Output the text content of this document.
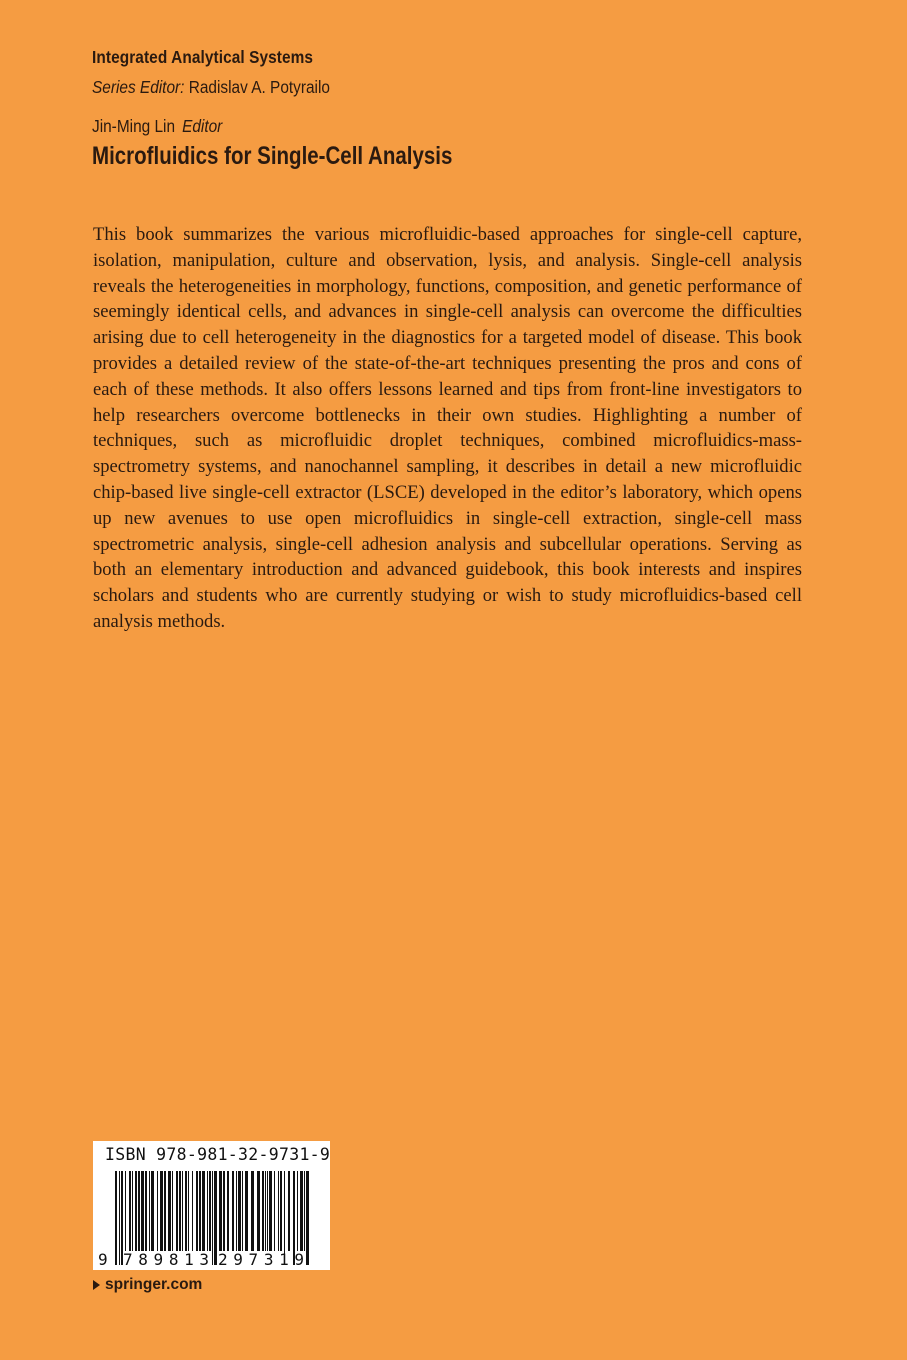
Integrated Analytical Systems
Series Editor: Radislav A. Potyrailo
Jin-Ming Lin Editor
Microfluidics for Single-Cell Analysis

This book summarizes the various microfluidic-based approaches for single-cell capture, isolation, manipulation, culture and observation, lysis, and analysis. Single-cell analysis reveals the heterogeneities in morphology, functions, composition, and genetic performance of seemingly identical cells, and advances in single-cell analysis can overcome the difficulties arising due to cell heterogeneity in the diagnostics for a targeted model of disease. This book provides a detailed review of the state-of-the-art techniques presenting the pros and cons of each of these methods. It also offers lessons learned and tips from front-line investigators to help researchers overcome bottlenecks in their own studies. Highlighting a number of techniques, such as microfluidic droplet techniques, combined microfluidics-mass-spectrometry systems, and nanochannel sampling, it describes in detail a new microfluidic chip-based live single-cell extractor (LSCE) developed in the editor’s laboratory, which opens up new avenues to use open microfluidics in single-cell extraction, single-cell mass spectrometric analysis, single-cell adhesion analysis and subcellular operations. Serving as both an elementary introduction and advanced guidebook, this book interests and inspires scholars and students who are currently studying or wish to study microfluidics-based cell analysis methods.

ISBN 978-981-32-9731-9
9 789813 297319
springer.com
